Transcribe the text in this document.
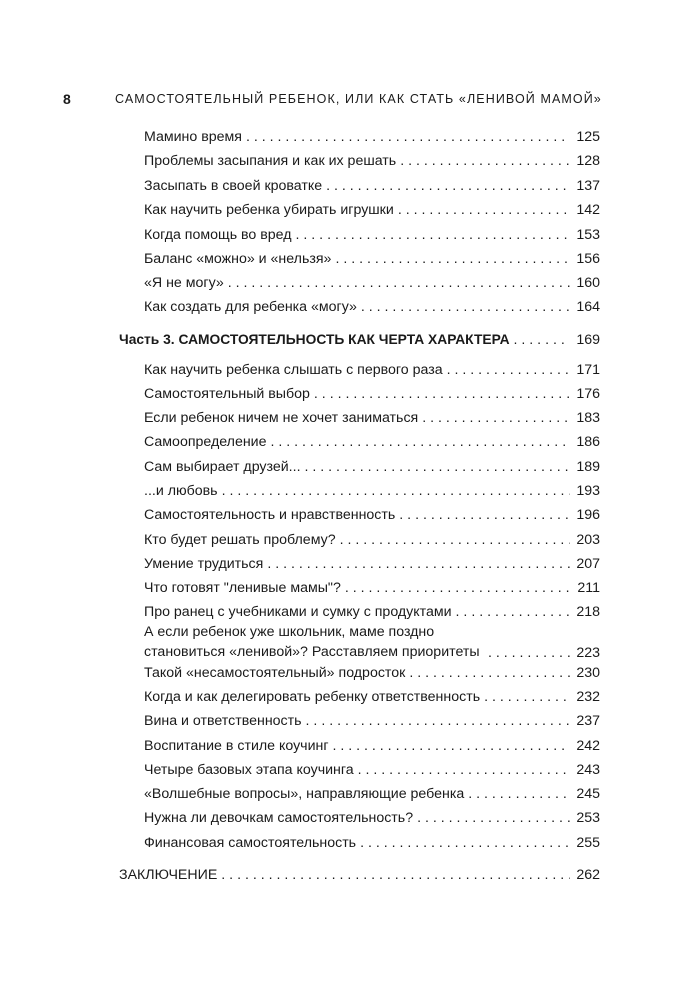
8	САМОСТОЯТЕЛЬНЫЙ РЕБЕНОК, ИЛИ КАК СТАТЬ «ЛЕНИВОЙ МАМОЙ»
Мамино время . . .	125
Проблемы засыпания и как их решать . . .	128
Засыпать в своей кроватке . . .	137
Как научить ребенка убирать игрушки . . .	142
Когда помощь во вред . . .	153
Баланс «можно» и «нельзя» . . .	156
«Я не могу» . . .	160
Как создать для ребенка «могу» . . .	164
Часть 3. САМОСТОЯТЕЛЬНОСТЬ КАК ЧЕРТА ХАРАКТЕРА . . .	169
Как научить ребенка слышать с первого раза . . .	171
Самостоятельный выбор . . .	176
Если ребенок ничем не хочет заниматься . . .	183
Самоопределение . . .	186
Сам выбирает друзей... . . .	189
...и любовь . . .	193
Самостоятельность и нравственность . . .	196
Кто будет решать проблему? . . .	203
Умение трудиться . . .	207
Что готовят "ленивые мамы"? . . .	211
Про ранец с учебниками и сумку с продуктами . . .	218
А если ребенок уже школьник, маме поздно становиться «ленивой»? Расставляем приоритеты . . .	223
Такой «несамостоятельный» подросток . . .	230
Когда и как делегировать ребенку ответственность . . .	232
Вина и ответственность . . .	237
Воспитание в стиле коучинг . . .	242
Четыре базовых этапа коучинга . . .	243
«Волшебные вопросы», направляющие ребенка . . .	245
Нужна ли девочкам самостоятельность? . . .	253
Финансовая самостоятельность . . .	255
ЗАКЛЮЧЕНИЕ . . .	262
